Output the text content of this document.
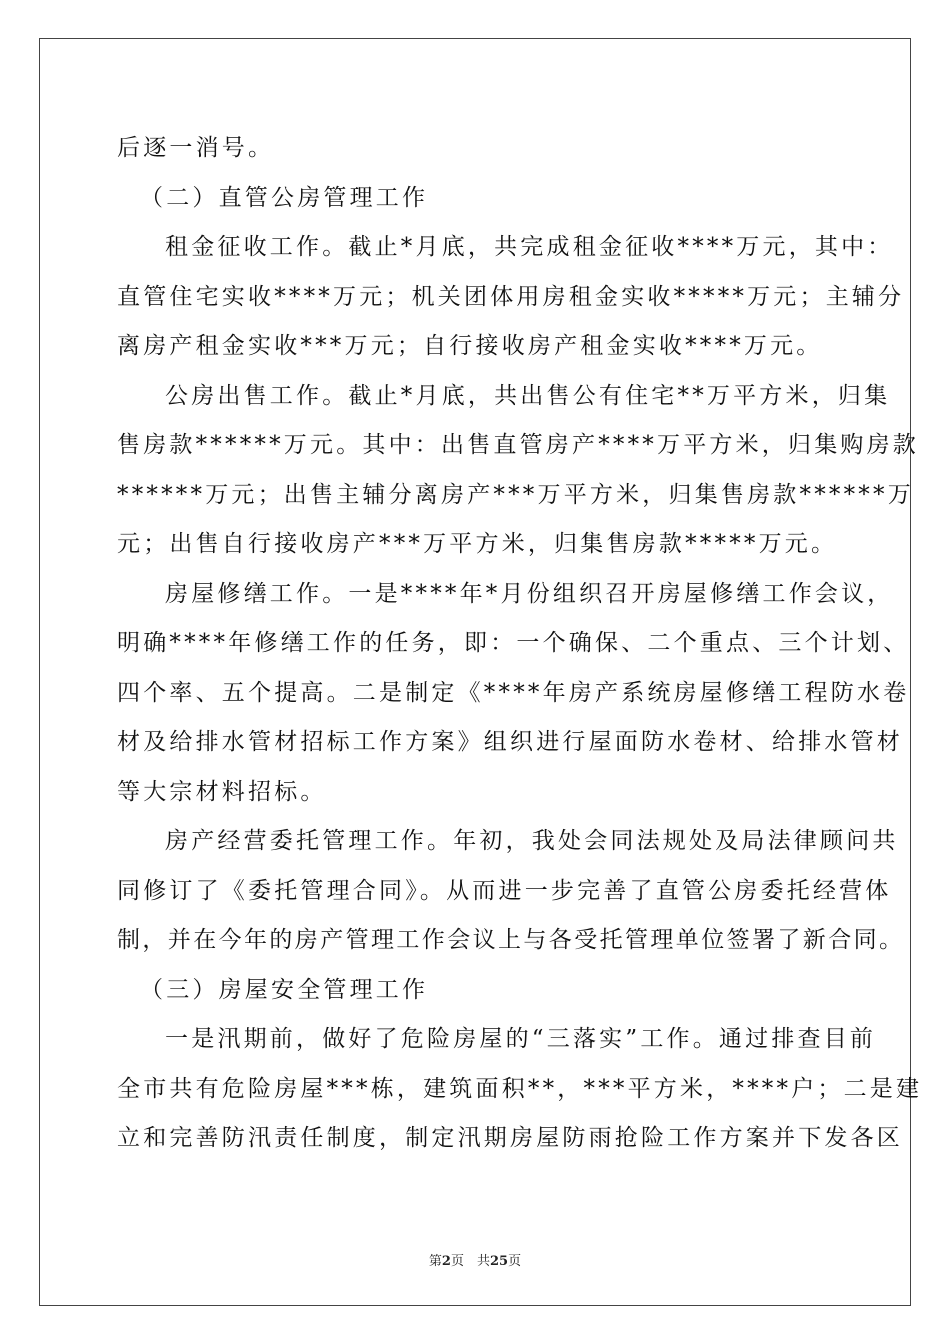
后逐一消号。
（二）直管公房管理工作
租金征收工作。截止*月底，共完成租金征收****万元，其中：
直管住宅实收****万元；机关团体用房租金实收*****万元；主辅分
离房产租金实收***万元；自行接收房产租金实收****万元。
公房出售工作。截止*月底，共出售公有住宅**万平方米，归集
售房款******万元。其中：出售直管房产****万平方米，归集购房款
******万元；出售主辅分离房产***万平方米，归集售房款******万
元；出售自行接收房产***万平方米，归集售房款*****万元。
房屋修缮工作。一是****年*月份组织召开房屋修缮工作会议，
明确****年修缮工作的任务，即：一个确保、二个重点、三个计划、
四个率、五个提高。二是制定《****年房产系统房屋修缮工程防水卷
材及给排水管材招标工作方案》组织进行屋面防水卷材、给排水管材
等大宗材料招标。
房产经营委托管理工作。年初，我处会同法规处及局法律顾问共
同修订了《委托管理合同》。从而进一步完善了直管公房委托经营体
制，并在今年的房产管理工作会议上与各受托管理单位签署了新合同。
（三）房屋安全管理工作
一是汛期前，做好了危险房屋的“三落实”工作。通过排查目前
全市共有危险房屋***栋，建筑面积**，***平方米，****户；二是建
立和完善防汛责任制度，制定汛期房屋防雨抢险工作方案并下发各区
第2页　共25页
